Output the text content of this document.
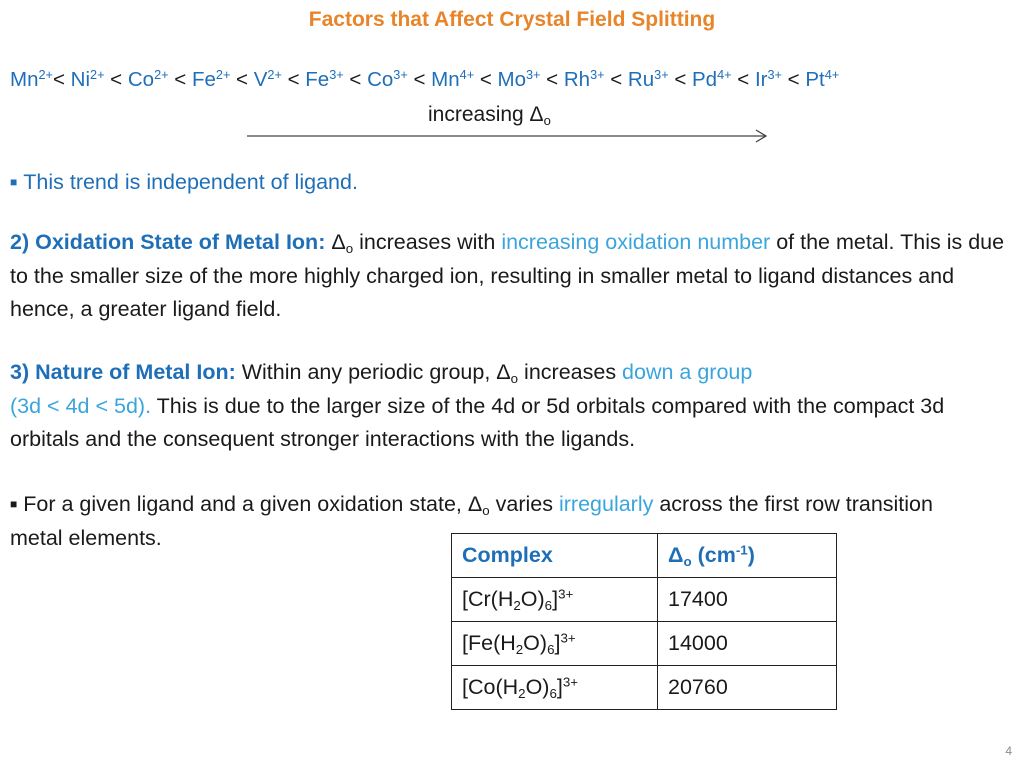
Factors that Affect Crystal Field Splitting
$Mn^{2+}< Ni^{2+} < Co^{2+} < Fe^{2+} < V^{2+} < Fe^{3+} < Co^{3+} < Mn^{4+} < Mo^{3+} < Rh^{3+} < Ru^{3+} < Pd^{4+} < Ir^{3+} < Pt^{4+}$
increasing $\Delta_o$
■ This trend is independent of ligand.
2) Oxidation State of Metal Ion: $\Delta_o$ increases with increasing oxidation number of the metal. This is due to the smaller size of the more highly charged ion, resulting in smaller metal to ligand distances and hence, a greater ligand field.
3) Nature of Metal Ion: Within any periodic group, $\Delta_o$ increases down a group
(3d < 4d < 5d). This is due to the larger size of the 4d or 5d orbitals compared with the compact 3d orbitals and the consequent stronger interactions with the ligands.
■ For a given ligand and a given oxidation state, $\Delta_o$ varies irregularly across the first row transition metal elements.
Complex	$\Delta_o$ $(cm^{-1})$
$[Cr(H_2O)_6]^{3+}$	17400
$[Fe(H_2O)_6]^{3+}$	14000
$[Co(H_2O)_6]^{3+}$	20760
4
